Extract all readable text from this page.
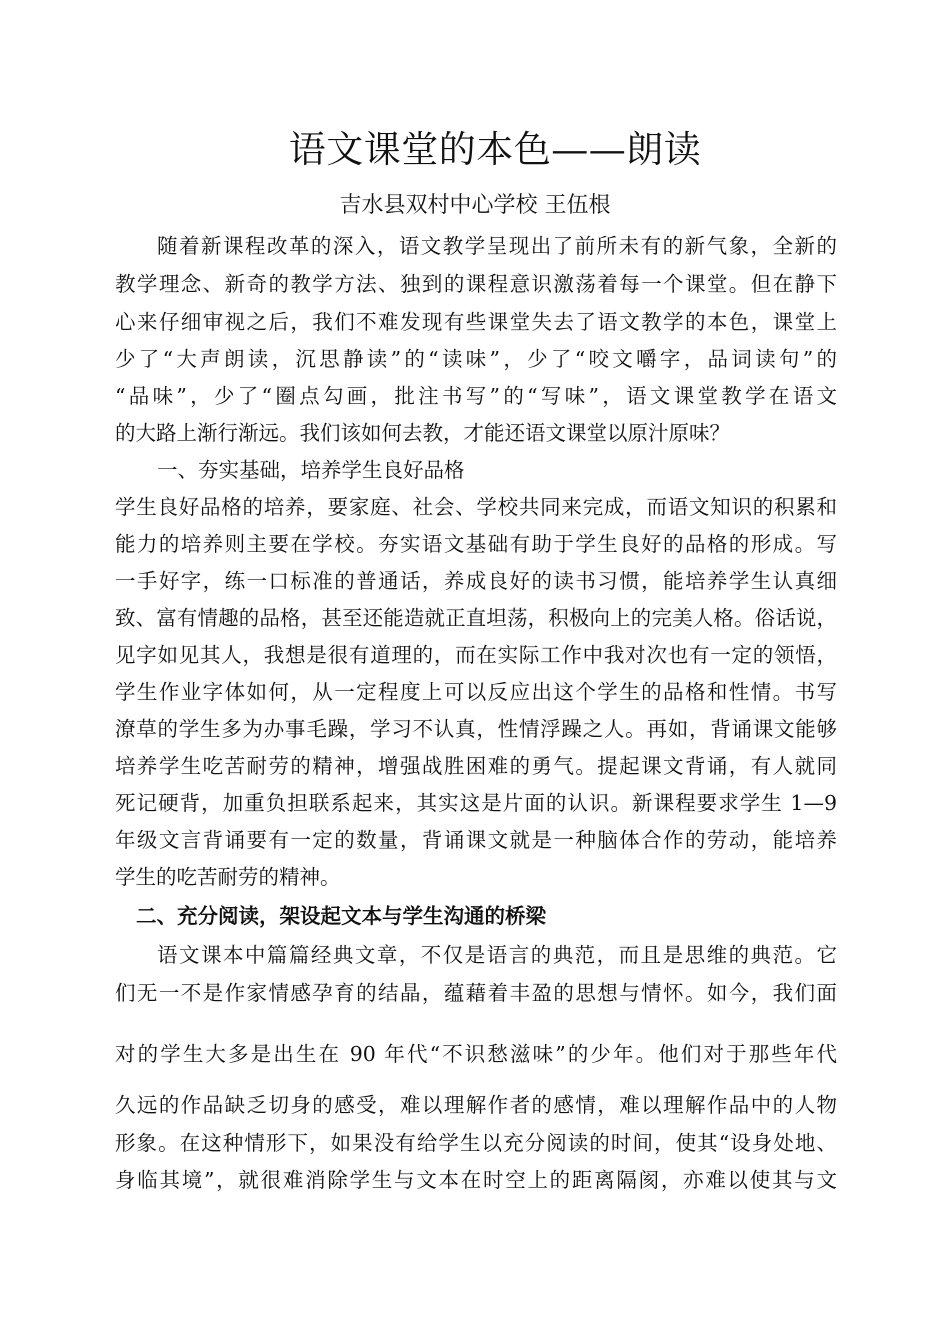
语文课堂的本色——朗读
吉水县双村中心学校 王伍根
随着新课程改革的深入，语文教学呈现出了前所未有的新气象，全新的
教学理念、新奇的教学方法、独到的课程意识激荡着每一个课堂。但在静下
心来仔细审视之后，我们不难发现有些课堂失去了语文教学的本色，课堂上
少了“大声朗读，沉思静读”的“读味”，少了“咬文嚼字，品词读句”的
“品味”，少了“圈点勾画，批注书写”的“写味”，语文课堂教学在语文
的大路上渐行渐远。我们该如何去教，才能还语文课堂以原汁原味？
一、夯实基础，培养学生良好品格
学生良好品格的培养，要家庭、社会、学校共同来完成，而语文知识的积累和
能力的培养则主要在学校。夯实语文基础有助于学生良好的品格的形成。写
一手好字，练一口标准的普通话，养成良好的读书习惯，能培养学生认真细
致、富有情趣的品格，甚至还能造就正直坦荡，积极向上的完美人格。俗话说，
见字如见其人，我想是很有道理的，而在实际工作中我对次也有一定的领悟，
学生作业字体如何，从一定程度上可以反应出这个学生的品格和性情。书写
潦草的学生多为办事毛躁，学习不认真，性情浮躁之人。再如，背诵课文能够
培养学生吃苦耐劳的精神，增强战胜困难的勇气。提起课文背诵，有人就同
死记硬背，加重负担联系起来，其实这是片面的认识。新课程要求学生 1—9
年级文言背诵要有一定的数量，背诵课文就是一种脑体合作的劳动，能培养
学生的吃苦耐劳的精神。
二、充分阅读，架设起文本与学生沟通的桥梁
语文课本中篇篇经典文章，不仅是语言的典范，而且是思维的典范。它
们无一不是作家情感孕育的结晶，蕴藉着丰盈的思想与情怀。如今，我们面
对的学生大多是出生在 90 年代“不识愁滋味”的少年。他们对于那些年代
久远的作品缺乏切身的感受，难以理解作者的感情，难以理解作品中的人物
形象。在这种情形下，如果没有给学生以充分阅读的时间，使其“设身处地、
身临其境”，就很难消除学生与文本在时空上的距离隔阂，亦难以使其与文
